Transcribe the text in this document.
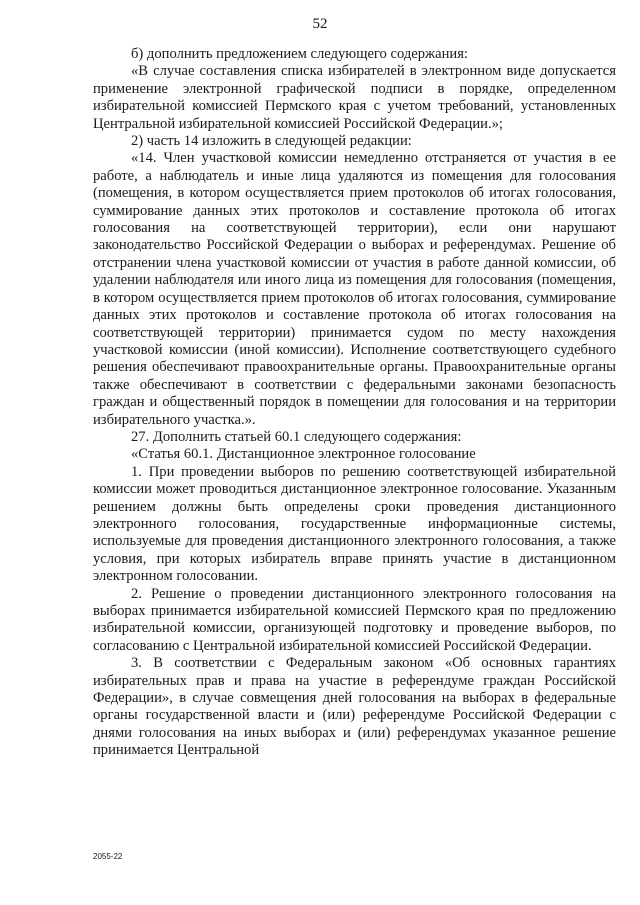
52

б) дополнить предложением следующего содержания:

«В случае составления списка избирателей в электронном виде допускается применение электронной графической подписи в порядке, определенном избирательной комиссией Пермского края с учетом требований, установленных Центральной избирательной комиссией Российской Федерации.»;

2) часть 14 изложить в следующей редакции:

«14. Член участковой комиссии немедленно отстраняется от участия в ее работе, а наблюдатель и иные лица удаляются из помещения для голосования (помещения, в котором осуществляется прием протоколов об итогах голосования, суммирование данных этих протоколов и составление протокола об итогах голосования на соответствующей территории), если они нарушают законодательство Российской Федерации о выборах и референдумах. Решение об отстранении члена участковой комиссии от участия в работе данной комиссии, об удалении наблюдателя или иного лица из помещения для голосования (помещения, в котором осуществляется прием протоколов об итогах голосования, суммирование данных этих протоколов и составление протокола об итогах голосования на соответствующей территории) принимается судом по месту нахождения участковой комиссии (иной комиссии). Исполнение соответствующего судебного решения обеспечивают правоохранительные органы. Правоохранительные органы также обеспечивают в соответствии с федеральными законами безопасность граждан и общественный порядок в помещении для голосования и на территории избирательного участка.».

27. Дополнить статьей 60.1 следующего содержания:

«Статья 60.1. Дистанционное электронное голосование

1. При проведении выборов по решению соответствующей избирательной комиссии может проводиться дистанционное электронное голосование. Указанным решением должны быть определены сроки проведения дистанционного электронного голосования, государственные информационные системы, используемые для проведения дистанционного электронного голосования, а также условия, при которых избиратель вправе принять участие в дистанционном электронном голосовании.

2. Решение о проведении дистанционного электронного голосования на выборах принимается избирательной комиссией Пермского края по предложению избирательной комиссии, организующей подготовку и проведение выборов, по согласованию с Центральной избирательной комиссией Российской Федерации.

3. В соответствии с Федеральным законом «Об основных гарантиях избирательных прав и права на участие в референдуме граждан Российской Федерации», в случае совмещения дней голосования на выборах в федеральные органы государственной власти и (или) референдуме Российской Федерации с днями голосования на иных выборах и (или) референдумах указанное решение принимается Центральной

2055-22
